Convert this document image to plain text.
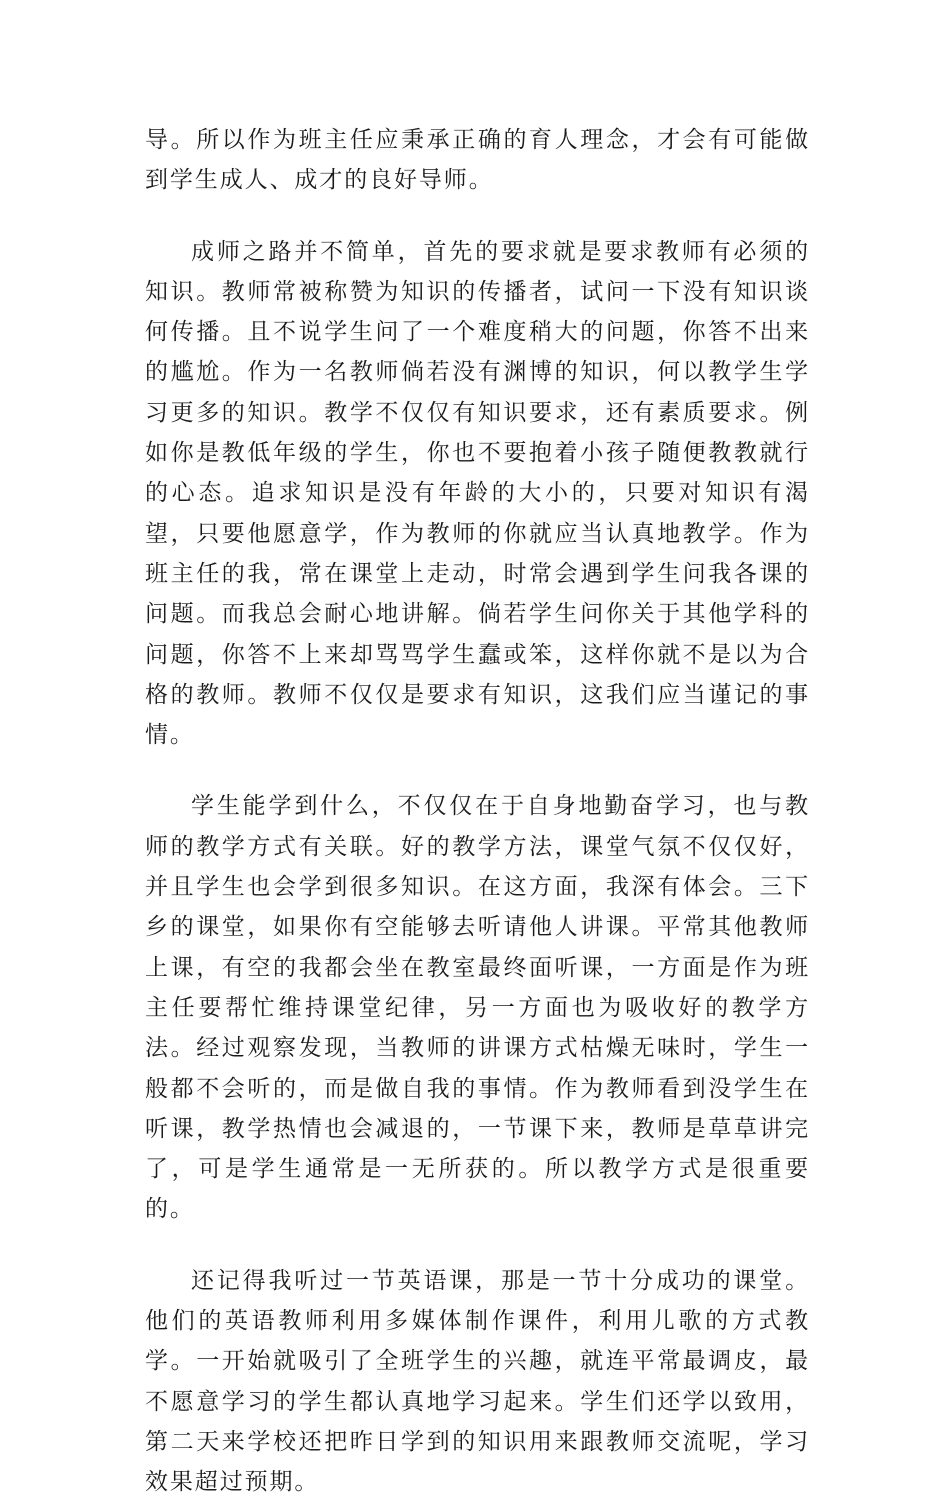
导。所以作为班主任应秉承正确的育人理念，才会有可能做到学生成人、成才的良好导师。

成师之路并不简单，首先的要求就是要求教师有必须的知识。教师常被称赞为知识的传播者，试问一下没有知识谈何传播。且不说学生问了一个难度稍大的问题，你答不出来的尴尬。作为一名教师倘若没有渊博的知识，何以教学生学习更多的知识。教学不仅仅有知识要求，还有素质要求。例如你是教低年级的学生，你也不要抱着小孩子随便教教就行的心态。追求知识是没有年龄的大小的，只要对知识有渴望，只要他愿意学，作为教师的你就应当认真地教学。作为班主任的我，常在课堂上走动，时常会遇到学生问我各课的问题。而我总会耐心地讲解。倘若学生问你关于其他学科的问题，你答不上来却骂骂学生蠢或笨，这样你就不是以为合格的教师。教师不仅仅是要求有知识，这我们应当谨记的事情。

学生能学到什么，不仅仅在于自身地勤奋学习，也与教师的教学方式有关联。好的教学方法，课堂气氛不仅仅好，并且学生也会学到很多知识。在这方面，我深有体会。三下乡的课堂，如果你有空能够去听请他人讲课。平常其他教师上课，有空的我都会坐在教室最终面听课，一方面是作为班主任要帮忙维持课堂纪律，另一方面也为吸收好的教学方法。经过观察发现，当教师的讲课方式枯燥无味时，学生一般都不会听的，而是做自我的事情。作为教师看到没学生在听课，教学热情也会减退的，一节课下来，教师是草草讲完了，可是学生通常是一无所获的。所以教学方式是很重要的。

还记得我听过一节英语课，那是一节十分成功的课堂。他们的英语教师利用多媒体制作课件，利用儿歌的方式教学。一开始就吸引了全班学生的兴趣，就连平常最调皮，最不愿意学习的学生都认真地学习起来。学生们还学以致用，第二天来学校还把昨日学到的知识用来跟教师交流呢，学习效果超过预期。
